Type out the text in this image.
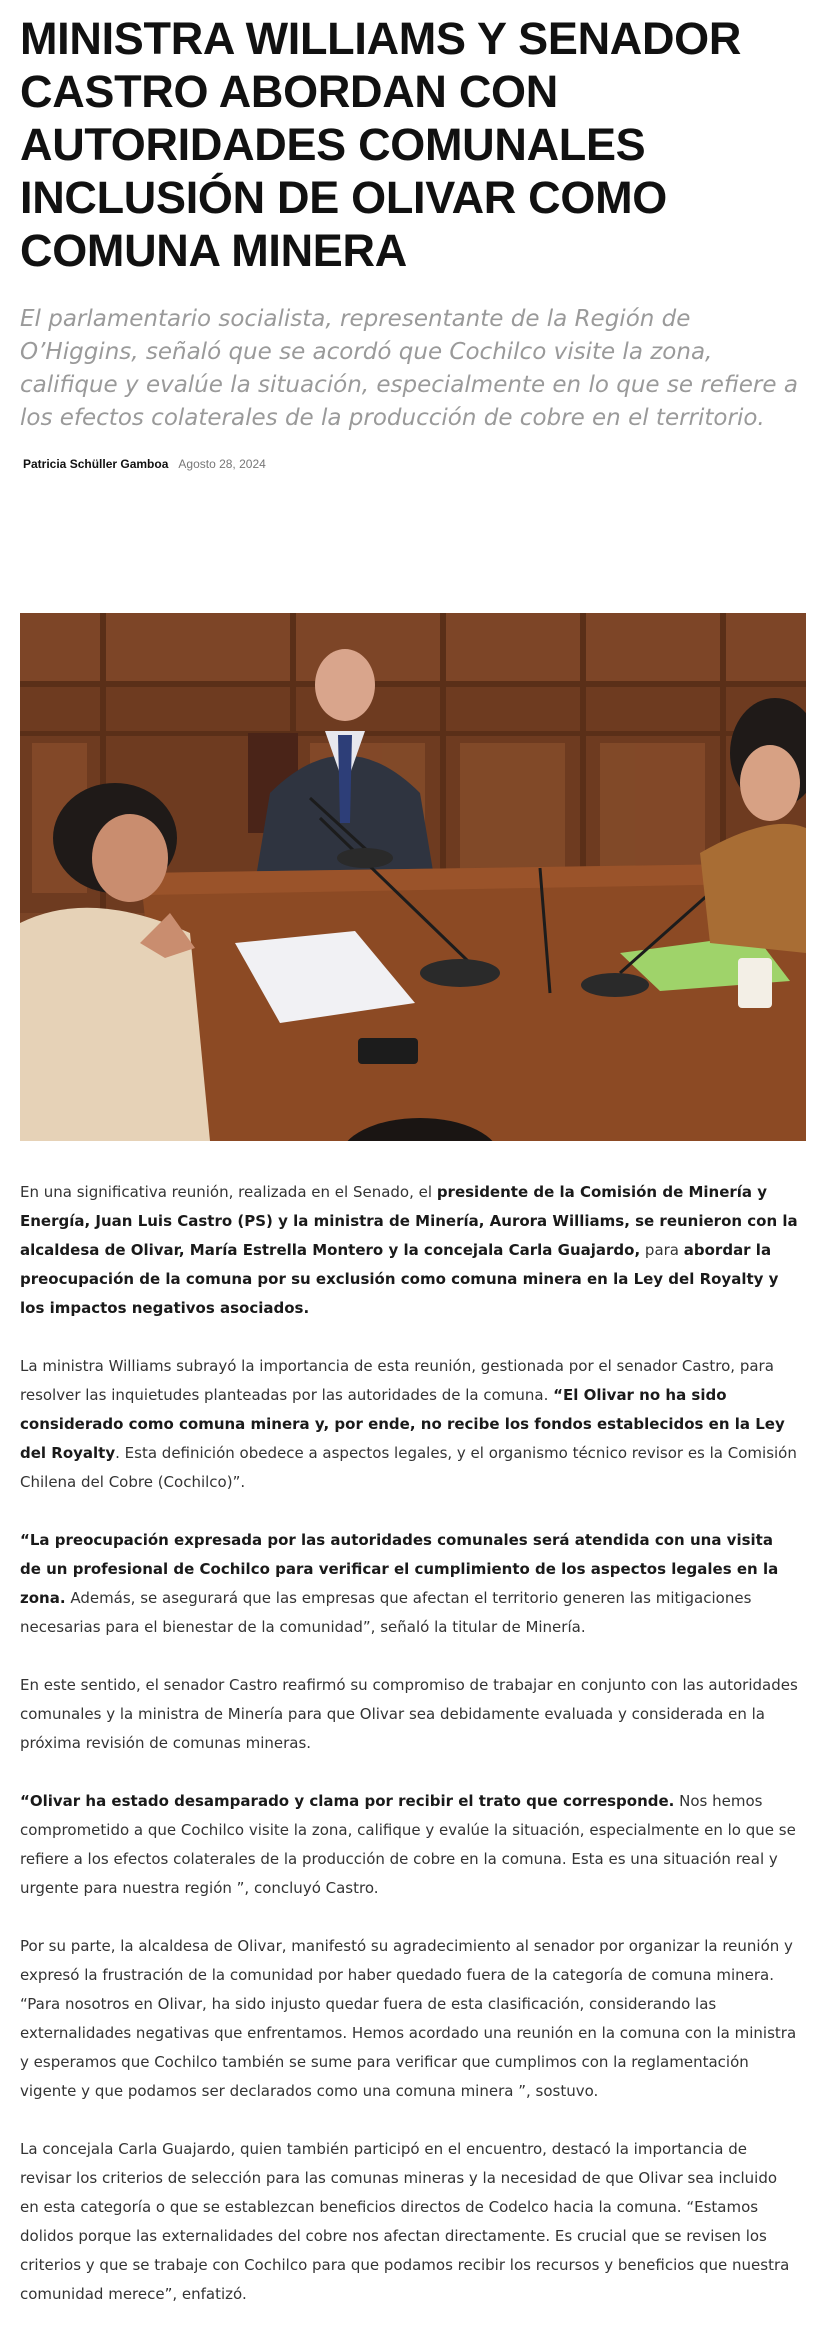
MINISTRA WILLIAMS Y SENADOR CASTRO ABORDAN CON AUTORIDADES COMUNALES INCLUSIÓN DE OLIVAR COMO COMUNA MINERA

El parlamentario socialista, representante de la Región de O’Higgins, señaló que se acordó que Cochilco visite la zona, califique y evalúe la situación, especialmente en lo que se refiere a los efectos colaterales de la producción de cobre en el territorio.

Patricia Schüller Gamboa Agosto 28, 2024

En una significativa reunión, realizada en el Senado, el presidente de la Comisión de Minería y Energía, Juan Luis Castro (PS) y la ministra de Minería, Aurora Williams, se reunieron con la alcaldesa de Olivar, María Estrella Montero y la concejala Carla Guajardo, para abordar la preocupación de la comuna por su exclusión como comuna minera en la Ley del Royalty y los impactos negativos asociados.

La ministra Williams subrayó la importancia de esta reunión, gestionada por el senador Castro, para resolver las inquietudes planteadas por las autoridades de la comuna. “El Olivar no ha sido considerado como comuna minera y, por ende, no recibe los fondos establecidos en la Ley del Royalty. Esta definición obedece a aspectos legales, y el organismo técnico revisor es la Comisión Chilena del Cobre (Cochilco)”.

“La preocupación expresada por las autoridades comunales será atendida con una visita de un profesional de Cochilco para verificar el cumplimiento de los aspectos legales en la zona. Además, se asegurará que las empresas que afectan el territorio generen las mitigaciones necesarias para el bienestar de la comunidad”, señaló la titular de Minería.

En este sentido, el senador Castro reafirmó su compromiso de trabajar en conjunto con las autoridades comunales y la ministra de Minería para que Olivar sea debidamente evaluada y considerada en la próxima revisión de comunas mineras.

“Olivar ha estado desamparado y clama por recibir el trato que corresponde. Nos hemos comprometido a que Cochilco visite la zona, califique y evalúe la situación, especialmente en lo que se refiere a los efectos colaterales de la producción de cobre en la comuna. Esta es una situación real y urgente para nuestra región ”, concluyó Castro.

Por su parte, la alcaldesa de Olivar, manifestó su agradecimiento al senador por organizar la reunión y expresó la frustración de la comunidad por haber quedado fuera de la categoría de comuna minera. “Para nosotros en Olivar, ha sido injusto quedar fuera de esta clasificación, considerando las externalidades negativas que enfrentamos. Hemos acordado una reunión en la comuna con la ministra y esperamos que Cochilco también se sume para verificar que cumplimos con la reglamentación vigente y que podamos ser declarados como una comuna minera ”, sostuvo.

La concejala Carla Guajardo, quien también participó en el encuentro, destacó la importancia de revisar los criterios de selección para las comunas mineras y la necesidad de que Olivar sea incluido en esta categoría o que se establezcan beneficios directos de Codelco hacia la comuna. “Estamos dolidos porque las externalidades del cobre nos afectan directamente. Es crucial que se revisen los criterios y que se trabaje con Cochilco para que podamos recibir los recursos y beneficios que nuestra comunidad merece”, enfatizó.
